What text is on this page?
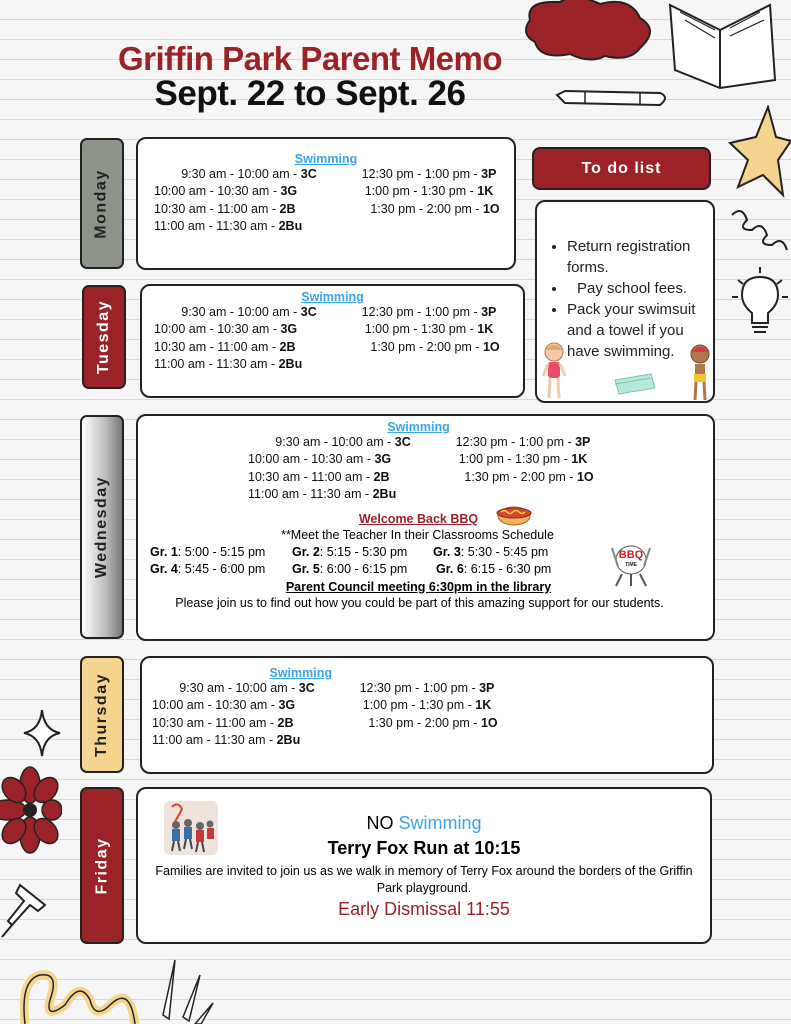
Griffin Park Parent Memo
Sept. 22 to Sept. 26
Monday
Swimming
9:30 am - 10:00 am - 3C	12:30 pm - 1:00 pm - 3P
10:00 am - 10:30 am - 3G	1:00 pm - 1:30 pm - 1K
10:30 am - 11:00 am - 2B	1:30 pm - 2:00 pm - 1O
11:00 am - 11:30 am - 2Bu
Tuesday
Swimming
9:30 am - 10:00 am - 3C	12:30 pm - 1:00 pm - 3P
10:00 am - 10:30 am - 3G	1:00 pm - 1:30 pm - 1K
10:30 am - 11:00 am - 2B	1:30 pm - 2:00 pm - 1O
11:00 am - 11:30 am - 2Bu
To do list
• Return registration forms.
• Pay school fees.
• Pack your swimsuit and a towel if you have swimming.
Wednesday
Swimming
9:30 am - 10:00 am - 3C	12:30 pm - 1:00 pm - 3P
10:00 am - 10:30 am - 3G	1:00 pm - 1:30 pm - 1K
10:30 am - 11:00 am - 2B	1:30 pm - 2:00 pm - 1O
11:00 am - 11:30 am - 2Bu
Welcome Back BBQ
**Meet the Teacher In their Classrooms Schedule
Gr. 1: 5:00 - 5:15 pm	Gr. 2: 5:15 - 5:30 pm	Gr. 3: 5:30 - 5:45 pm
Gr. 4: 5:45 - 6:00 pm	Gr. 5: 6:00 - 6:15 pm	Gr. 6: 6:15 - 6:30 pm
BBQ
TIME
Parent Council meeting 6:30pm in the library
Please join us to find out how you could be part of this amazing support for our students.
Thursday	Swimming
9:30 am - 10:00 am - 3C	12:30 pm - 1:00 pm - 3P
10:00 am - 10:30 am - 3G	1:00 pm - 1:30 pm - 1K
10:30 am - 11:00 am - 2B	1:30 pm - 2:00 pm - 1O
11:00 am - 11:30 am - 2Bu
Friday
NO Swimming
Terry Fox Run at 10:15
Families are invited to join us as we walk in memory of Terry Fox around the borders of the Griffin Park playground.
Early Dismissal 11:55
